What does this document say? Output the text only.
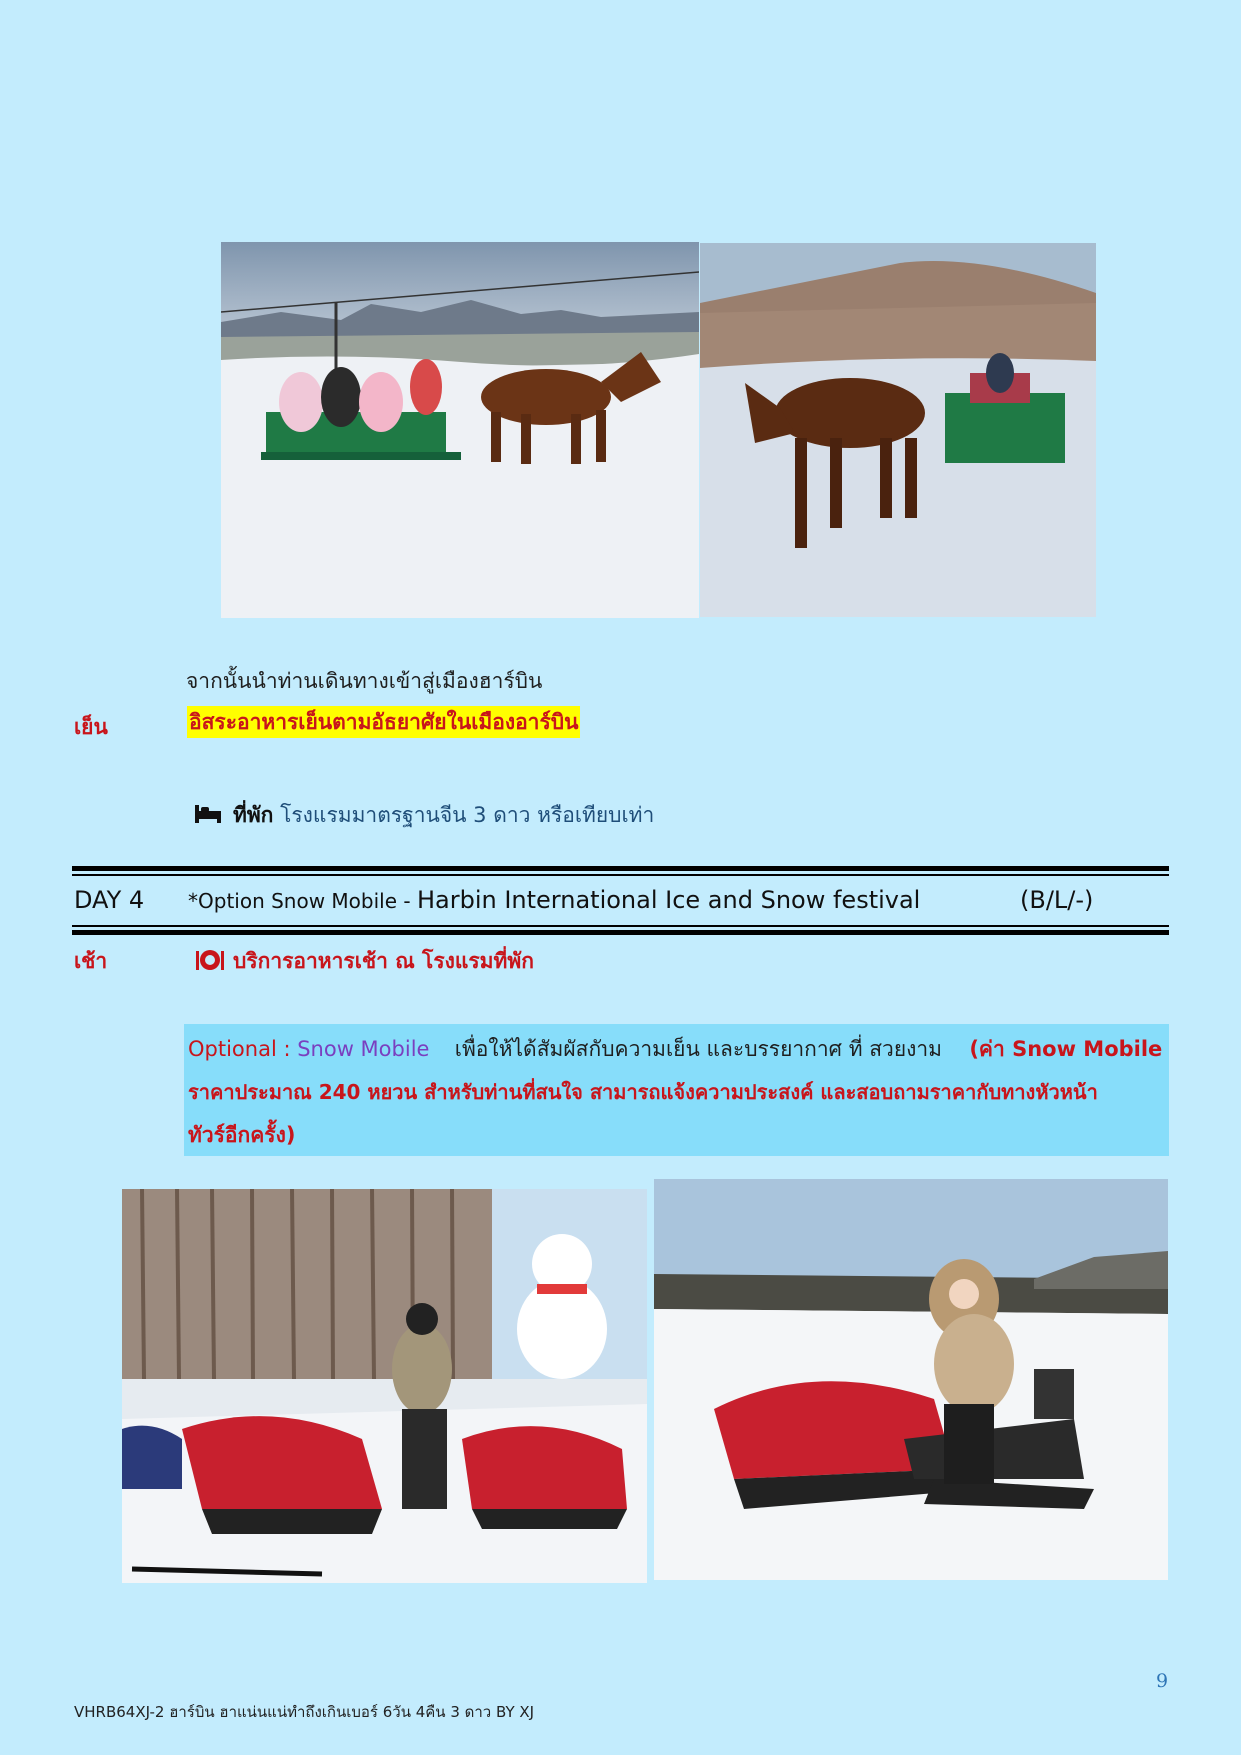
จากนั้นนำท่านเดินทางเข้าสู่เมืองฮาร์บิน
เย็น	อิสระอาหารเย็นตามอัธยาศัยในเมืองอาร์บิน
ที่พัก โรงแรมมาตรฐานจีน 3 ดาว หรือเทียบเท่า
DAY 4 *Option Snow Mobile - Harbin International Ice and Snow festival	(B/L/-)
เช้า	บริการอาหารเช้า ณ โรงแรมที่พัก
Optional : Snow Mobile เพื่อให้ได้สัมผัสกับความเย็น และบรรยากาศ ที่ สวยงาม (ค่า Snow Mobile
ราคาประมาณ 240 หยวน สำหรับท่านที่สนใจ สามารถแจ้งความประสงค์ และสอบถามราคากับทางหัวหน้า
ทัวร์อีกครั้ง)
9
VHRB64XJ-2 ฮาร์บิน ฮาแน่นแน่ทำถึงเกินเบอร์ 6วัน 4คืน 3 ดาว BY XJ
